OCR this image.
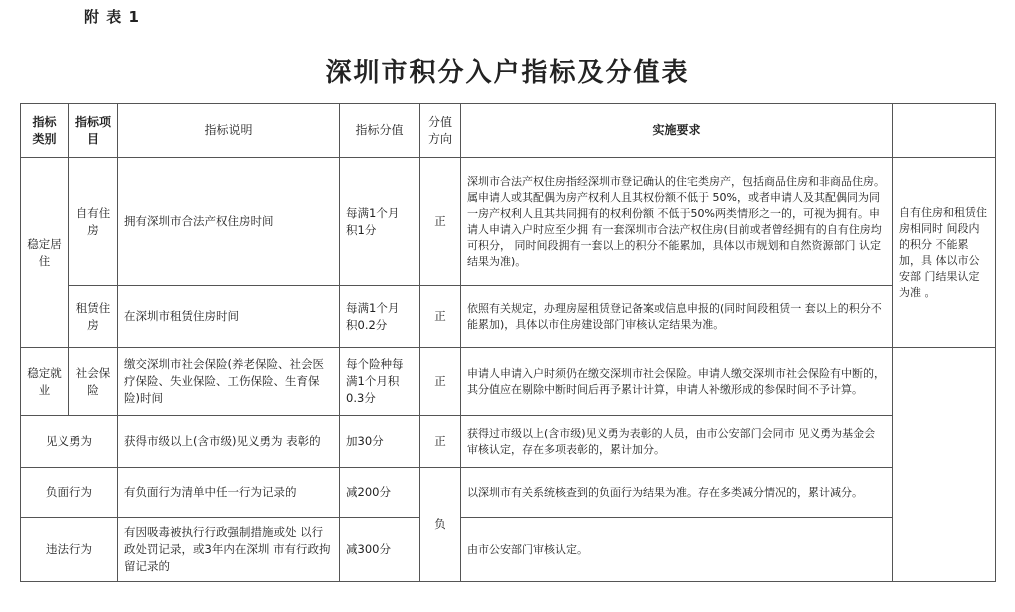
附 表 1
深圳市积分入户指标及分值表
指标类别	指标项目	指标说明	指标分值	分值方向	实施要求	
稳定居住	自有住房	拥有深圳市合法产权住房时间	每满1个月 积1分	正	深圳市合法产权住房指经深圳市登记确认的住宅类房产，包括商品住房和非商品住房。属申请人或其配偶为房产权利人且其权份额不低于 50%，或者申请人及其配偶同为同一房产权利人且其共同拥有的权利份额 不低于50%两类情形之一的，可视为拥有。申请人申请入户时应至少拥 有一套深圳市合法产权住房(目前或者曾经拥有的自有住房均可积分， 同时间段拥有一套以上的积分不能累加，具体以市规划和自然资源部门 认定结果为准)。	自有住房和租赁住房相同时 间段内的积分 不能累加，具 体以市公安部 门结果认定为准 。
	租赁住房	在深圳市租赁住房时间	每满1个月 积0.2分	正	依照有关规定，办理房屋租赁登记备案或信息申报的(同时间段租赁一 套以上的积分不能累加)，具体以市住房建设部门审核认定结果为准。	
稳定就业	社会保险	缴交深圳市社会保险(养老保险、社会医疗保险、失业保险、工伤保险、生育保险)时间	每个险种每满1个月积0.3分	正	申请人申请入户时须仍在缴交深圳市社会保险。申请人缴交深圳市社会保险有中断的，其分值应在剔除中断时间后再予累计计算，申请人补缴形成的参保时间不予计算。	
见义勇为		获得市级以上(含市级)见义勇为 表彰的	加30分	正	获得过市级以上(含市级)见义勇为表彰的人员，由市公安部门会同市 见义勇为基金会审核认定，存在多项表彰的，累计加分。	
负面行为		有负面行为清单中任一行为记录的	减200分	负	以深圳市有关系统核查到的负面行为结果为准。存在多类减分情况的，累计减分。	
违法行为		有因吸毒被执行行政强制措施或处 以行政处罚记录，或3年内在深圳 市有行政拘留记录的	减300分		由市公安部门审核认定。	
